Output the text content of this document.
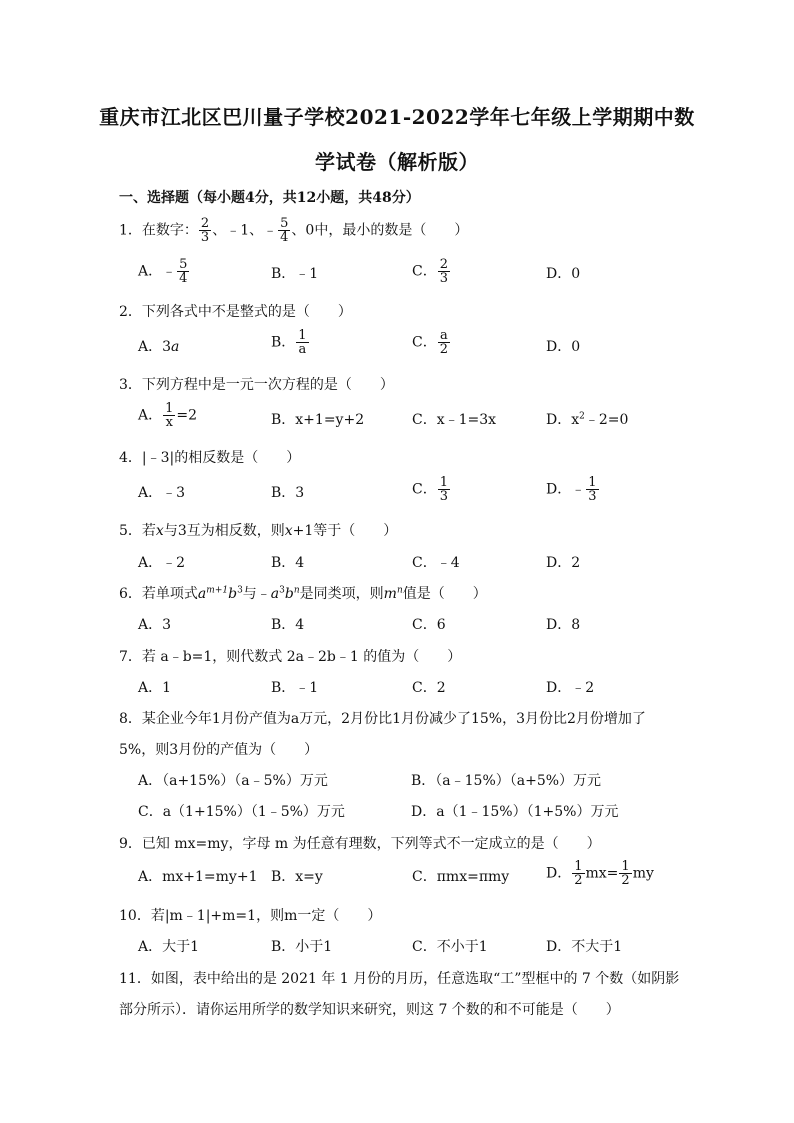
重庆市江北区巴川量子学校2021-2022学年七年级上学期期中数
学试卷（解析版）
一、选择题（每小题4分，共12小题，共48分）
1．在数字： $\frac{2}{3}$ 、﹣1、﹣ $\frac{5}{4}$ 、0中，最小的数是（　　）
A．﹣ $\frac{5}{4}$	B．﹣1	C． $\frac{2}{3}$	D．0
2．下列各式中不是整式的是（　　）
A．3a	B． $\frac{1}{a}$	C． $\frac{a}{2}$	D．0
3．下列方程中是一元一次方程的是（　　）
A． $\frac{1}{x} =2$	B．x+1=y+2	C．x﹣1=3x	D．$x^2﹣2=0$
4．|﹣3|的相反数是（　　）
A．﹣3	B．3	C． $\frac{1}{3}$	D．﹣ $\frac{1}{3}$
5．若x与3互为相反数，则x+1等于（　　）
A．﹣2	B．4	C．﹣4	D．2
6．若单项式$a^{m+1}b^3$与$﹣a^3b^n$是同类项，则$m^n$值是（　　）
A．3	B．4	C．6	D．8
7．若 a﹣b=1，则代数式 2a﹣2b﹣1 的值为（　　）
A．1	B．﹣1	C．2	D．﹣2
8．某企业今年1月份产值为a万元，2月份比1月份减少了15%，3月份比2月份增加了
5%，则3月份的产值为（　　）
A．（a+15%）（a﹣5%）万元	B．（a﹣15%）（a+5%）万元
C．a（1+15%）（1﹣5%）万元	D．a（1﹣15%）（1+5%）万元
9．已知 mx=my，字母 m 为任意有理数，下列等式不一定成立的是（　　）
A．mx+1=my+1 B．x=y	C．πmx=πmy	D． $\frac{1}{2} mx= \frac{1}{2}$ my
10．若|m﹣1|+m=1，则m一定（　　）
A．大于1	B．小于1	C．不小于1	D．不大于1
11．如图，表中给出的是 2021 年 1 月份的月历，任意选取“工”型框中的 7 个数（如阴影
部分所示）．请你运用所学的数学知识来研究，则这 7 个数的和不可能是（　　）
